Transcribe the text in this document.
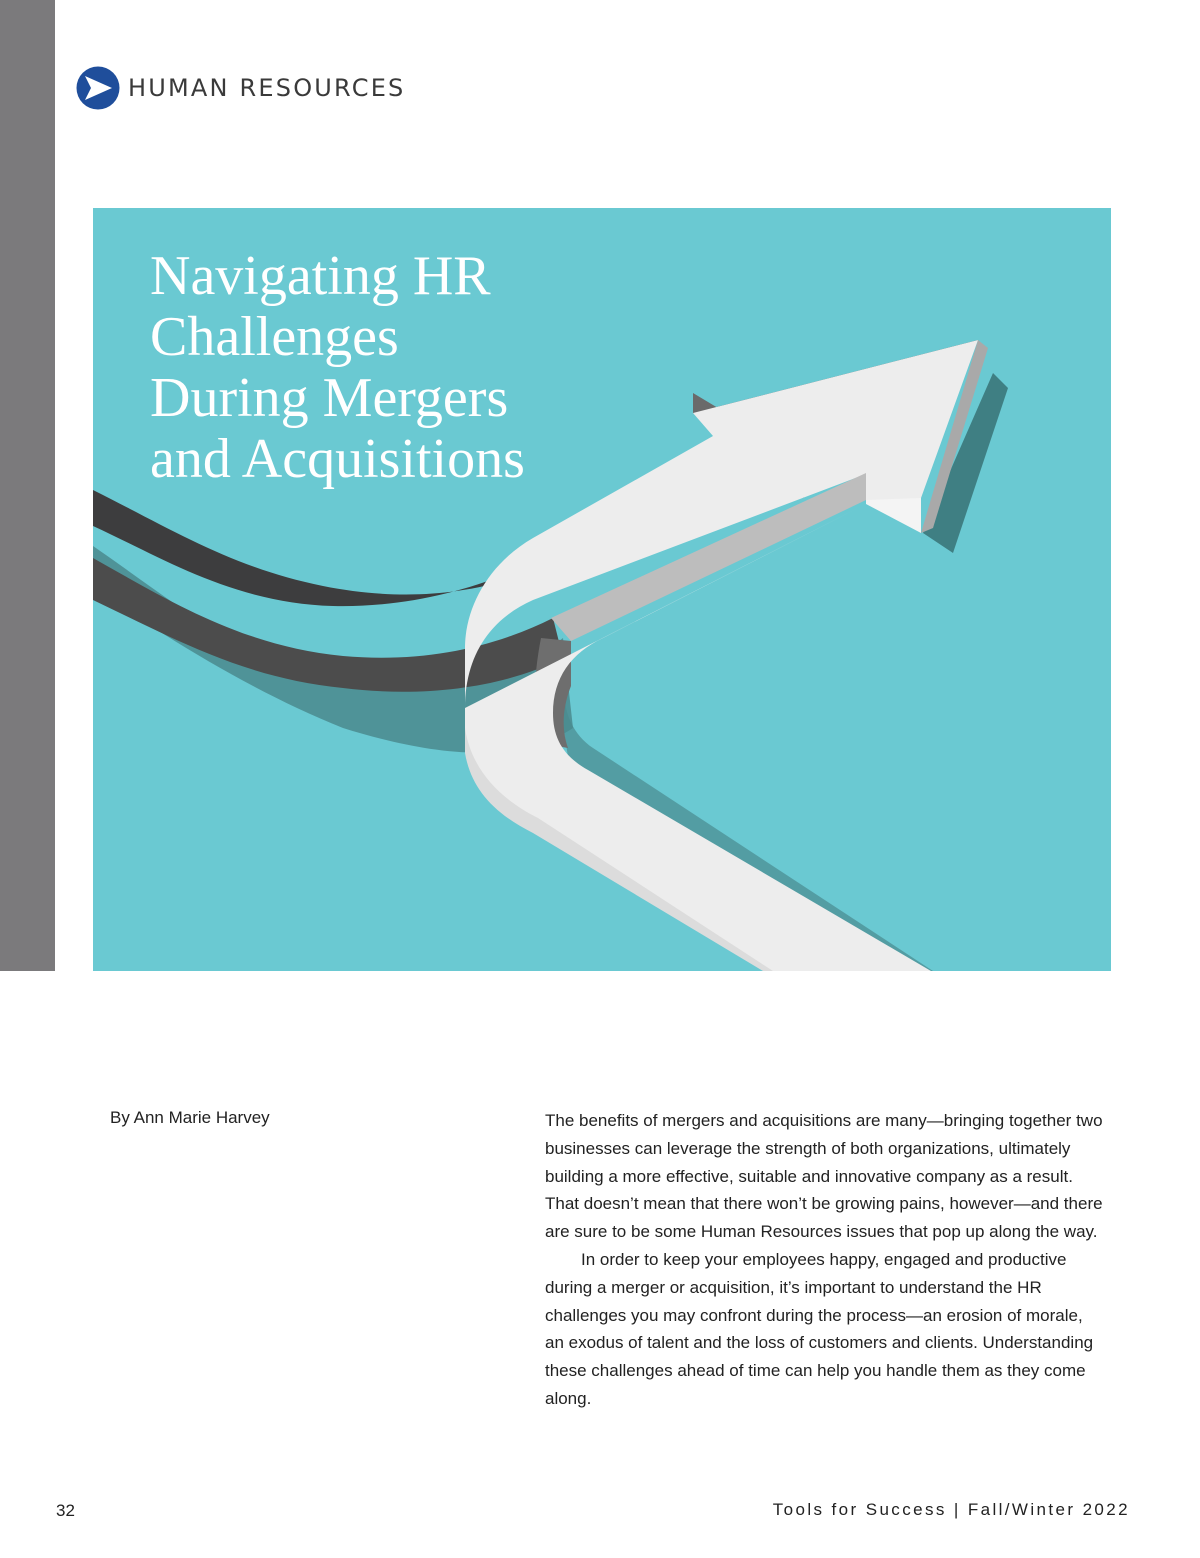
HUMAN RESOURCES
Navigating HR
Challenges
During Mergers
and Acquisitions
By Ann Marie Harvey	The benefits of mergers and acquisitions are many—bringing together two businesses can leverage the strength of both organizations, ultimately building a more effective, suitable and innovative company as a result. That doesn’t mean that there won’t be growing pains, however—and there are sure to be some Human Resources issues that pop up along the way.

In order to keep your employees happy, engaged and productive during a merger or acquisition, it’s important to understand the HR challenges you may confront during the process—an erosion of morale, an exodus of talent and the loss of customers and clients. Understanding these challenges ahead of time can help you handle them as they come along.

32	Tools for Success | Fall/Winter 2022
